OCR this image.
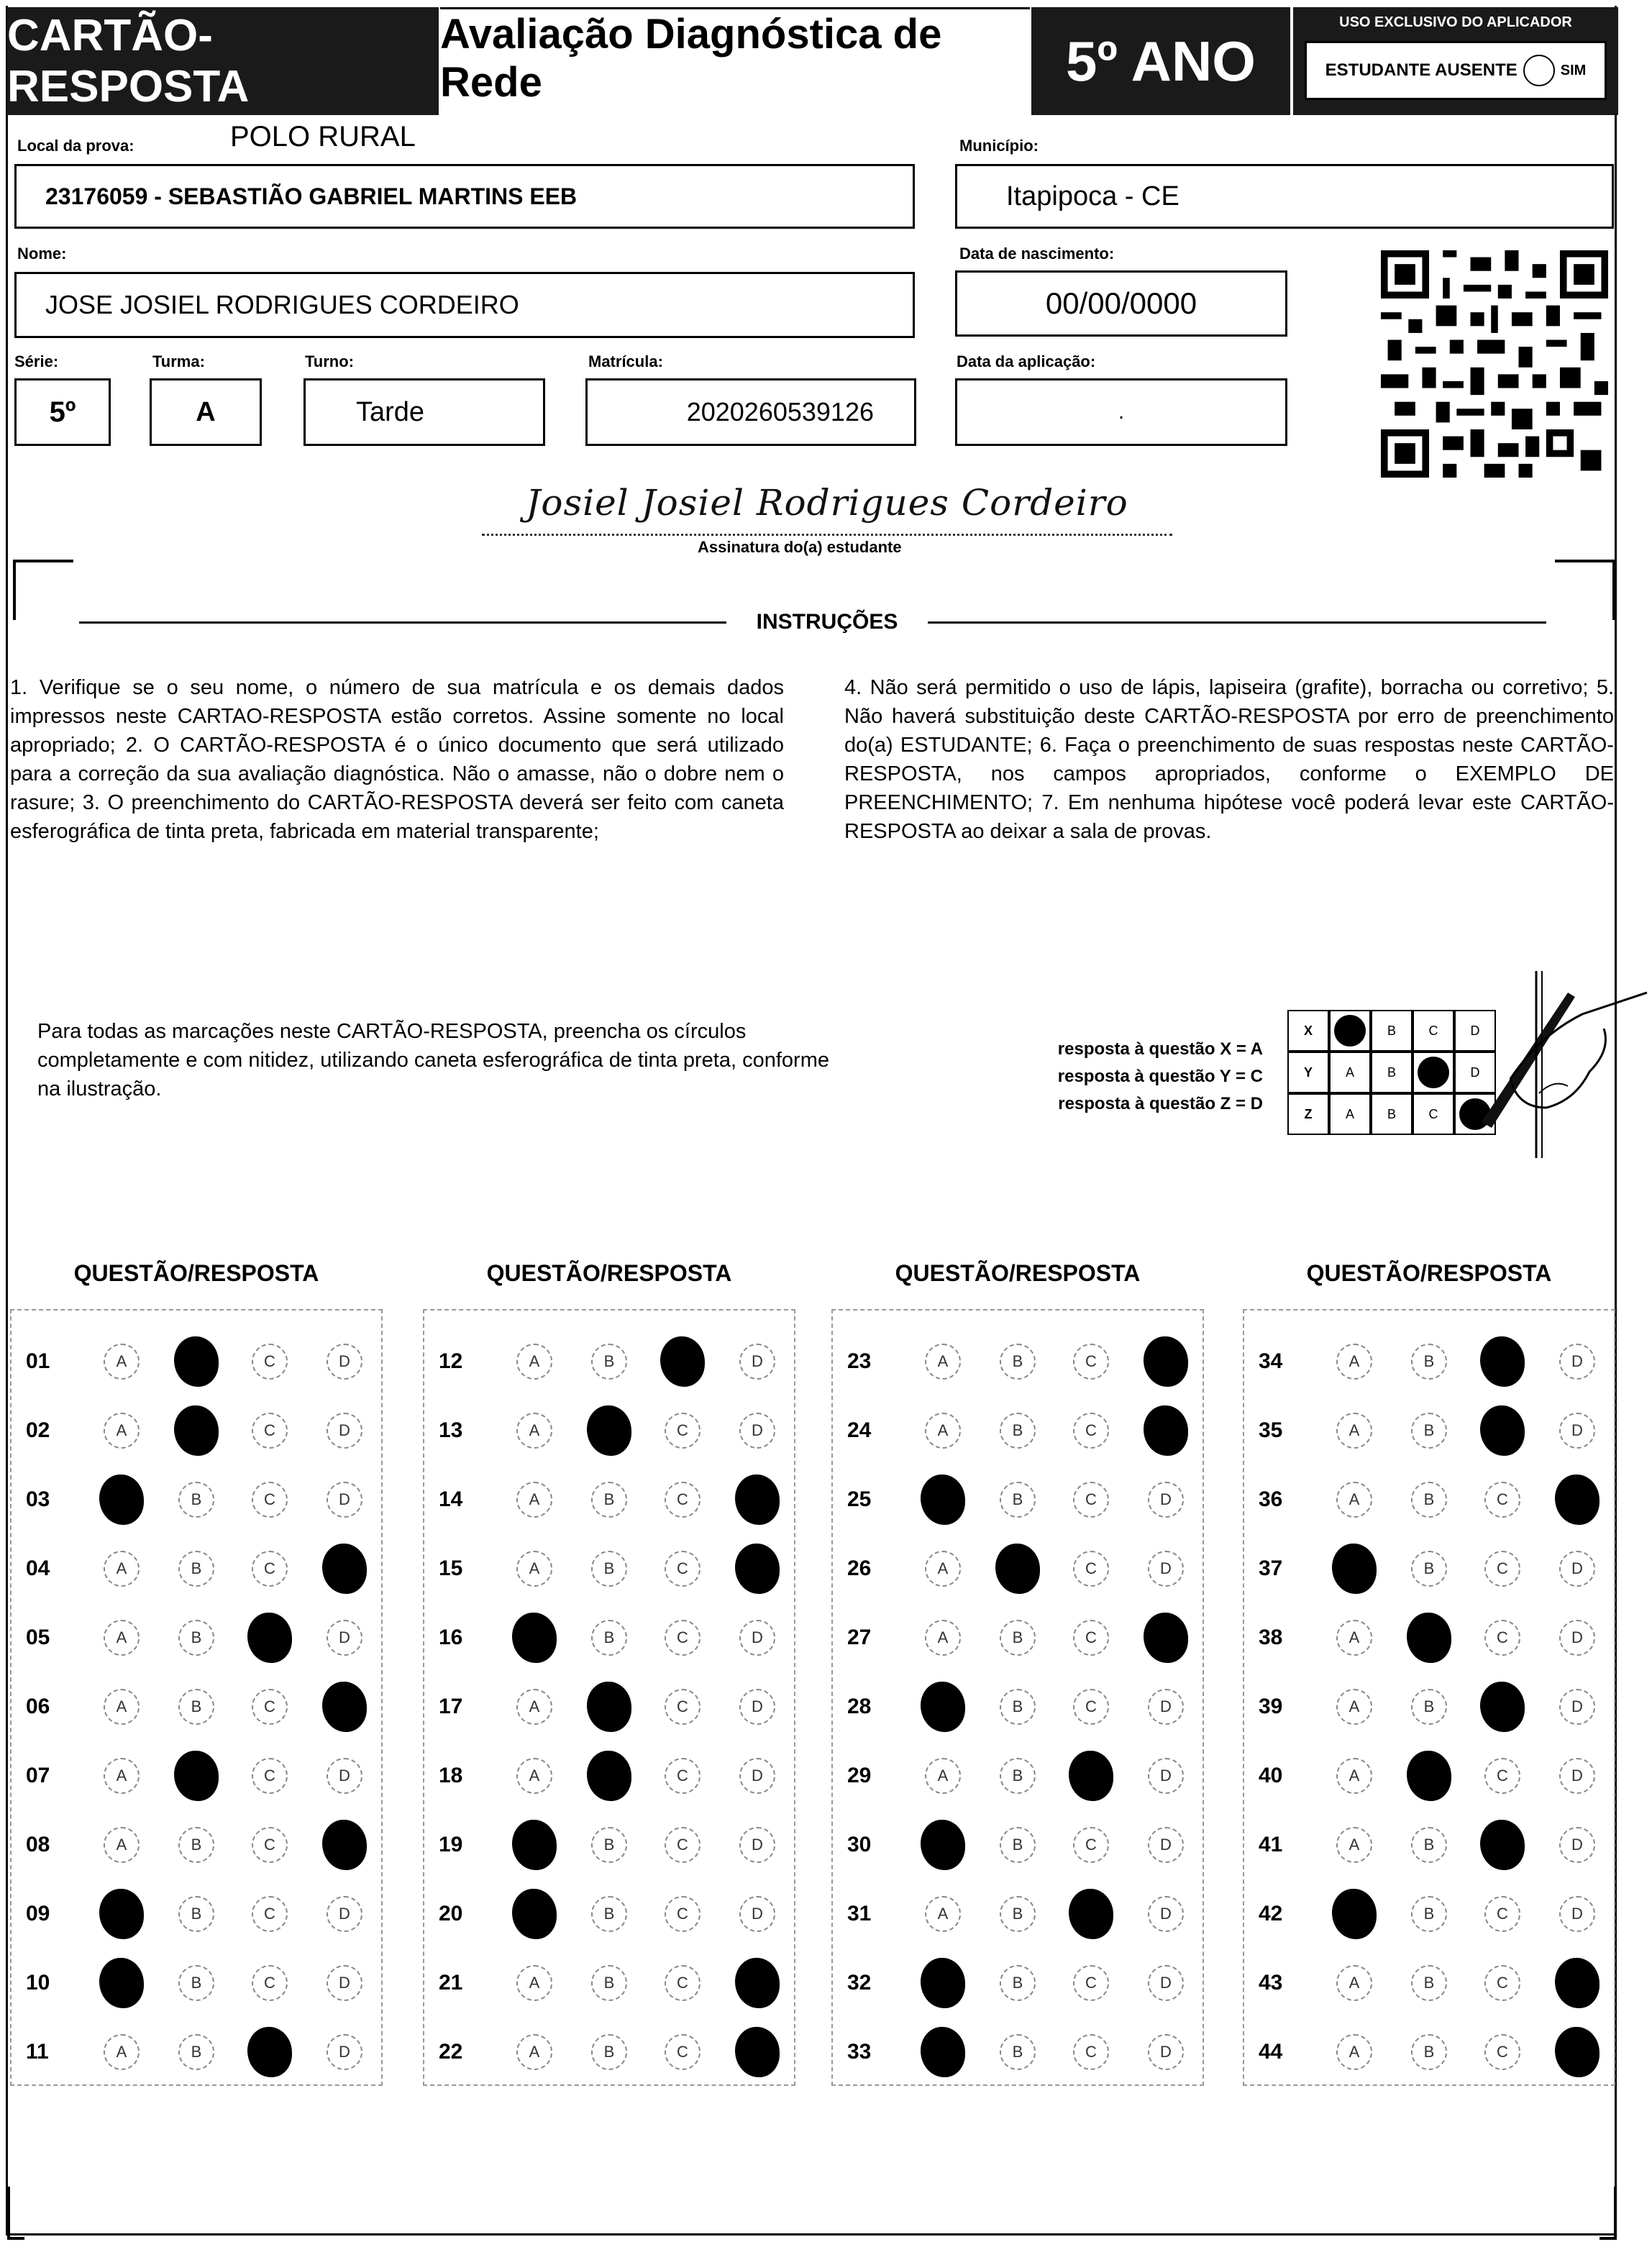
CARTÃO-RESPOSTA
Avaliação Diagnóstica de Rede	5º ANO
USO EXCLUSIVO DO APLICADOR
ESTUDANTE AUSENTE	SIM
Local da prova:	POLO RURAL
23176059 - SEBASTIÃO GABRIEL MARTINS EEB
Município:
Itapipoca - CE
Nome:
JOSE JOSIEL RODRIGUES CORDEIRO
Data de nascimento:
00/00/0000
Série:
5º
Turma:
A
Turno:
Tarde
Matrícula:
2020260539126
Data da aplicação:
.
Josiel Josiel Rodrigues Cordeiro
Assinatura do(a) estudante
INSTRUÇÕES
1. Verifique se o seu nome, o número de sua matrícula e os demais dados impressos neste CARTAO-RESPOSTA estão corretos. Assine somente no local apropriado; 2. O CARTÃO-RESPOSTA é o único documento que será utilizado para a correção da sua avaliação diagnóstica. Não o amasse, não o dobre nem o rasure; 3. O preenchimento do CARTÃO-RESPOSTA deverá ser feito com caneta esferográfica de tinta preta, fabricada em material transparente;
4. Não será permitido o uso de lápis, lapiseira (grafite), borracha ou corretivo; 5. Não haverá substituição deste CARTÃO-RESPOSTA por erro de preenchimento do(a) ESTUDANTE; 6. Faça o preenchimento de suas respostas neste CARTÃO-RESPOSTA, nos campos apropriados, conforme o EXEMPLO DE PREENCHIMENTO; 7. Em nenhuma hipótese você poderá levar este CARTÃO-RESPOSTA ao deixar a sala de provas.
Para todas as marcações neste CARTÃO-RESPOSTA, preencha os círculos completamente e com nitidez, utilizando caneta esferográfica de tinta preta, conforme na ilustração.
resposta à questão X = A
resposta à questão Y = C
resposta à questão Z = D
X	B	C	D
Y	A	B	D
Z	A	B	C
QUESTÃO/RESPOSTA
01	A	C	D
02	A	C	D
03	B	C	D
04	A	B	C
05	A	B	D
06	A	B	C
07	A	C	D
08	A	B	C
09	B	C	D
10	B	C	D
11	A	B	D
QUESTÃO/RESPOSTA
12	A	B	D
13	A	C	D
14	A	B	C
15	A	B	C
16	B	C	D
17	A	C	D
18	A	C	D
19	B	C	D
20	B	C	D
21	A	B	C
22	A	B	C
QUESTÃO/RESPOSTA
23	A	B	C
24	A	B	C
25	B	C	D
26	A	C	D
27	A	B	C
28	B	C	D
29	A	B	D
30	B	C	D
31	A	B	D
32	B	C	D
33	B	C	D
QUESTÃO/RESPOSTA
34	A	B	D
35	A	B	D
36	A	B	C
37	B	C	D
38	A	C	D
39	A	B	D
40	A	C	D
41	A	B	D
42	B	C	D
43	A	B	C
44	A	B	C
